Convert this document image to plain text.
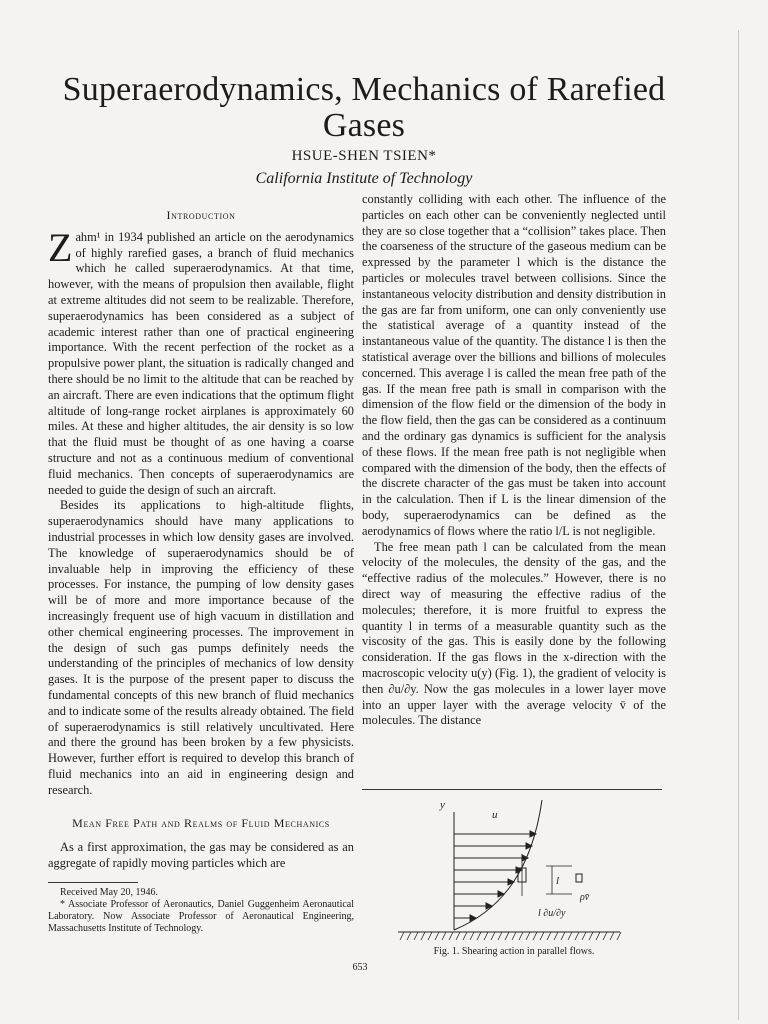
Superaerodynamics, Mechanics of Rarefied
Gases
HSUE-SHEN TSIEN*
California Institute of Technology
Introduction

Zahm¹ in 1934 published an article on the aerodynamics of highly rarefied gases, a branch of fluid mechanics which he called superaerodynamics. At that time, however, with the means of propulsion then available, flight at extreme altitudes did not seem to be realizable. Therefore, superaerodynamics has been considered as a subject of academic interest rather than one of practical engineering importance. With the recent perfection of the rocket as a propulsive power plant, the situation is radically changed and there should be no limit to the altitude that can be reached by an aircraft. There are even indications that the optimum flight altitude of long-range rocket airplanes is approximately 60 miles. At these and higher altitudes, the air density is so low that the fluid must be thought of as one having a coarse structure and not as a continuous medium of conventional fluid mechanics. Then concepts of superaerodynamics are needed to guide the design of such an aircraft.

Besides its applications to high-altitude flights, superaerodynamics should have many applications to industrial processes in which low density gases are involved. The knowledge of superaerodynamics should be of invaluable help in improving the efficiency of these processes. For instance, the pumping of low density gases will be of more and more importance because of the increasingly frequent use of high vacuum in distillation and other chemical engineering processes. The improvement in the design of such gas pumps definitely needs the understanding of the principles of mechanics of low density gases. It is the purpose of the present paper to discuss the fundamental concepts of this new branch of fluid mechanics and to indicate some of the results already obtained. The field of superaerodynamics is still relatively uncultivated. Here and there the ground has been broken by a few physicists. However, further effort is required to develop this branch of fluid mechanics into an aid in engineering design and research.

Mean Free Path and Realms of Fluid Mechanics

As a first approximation, the gas may be considered as an aggregate of rapidly moving particles which are

Received May 20, 1946.

* Associate Professor of Aeronautics, Daniel Guggenheim Aeronautical Laboratory. Now Associate Professor of Aeronautical Engineering, Massachusetts Institute of Technology.

constantly colliding with each other. The influence of the particles on each other can be conveniently neglected until they are so close together that a “collision” takes place. Then the coarseness of the structure of the gaseous medium can be expressed by the parameter l which is the distance the particles or molecules travel between collisions. Since the instantaneous velocity distribution and density distribution in the gas are far from uniform, one can only conveniently use the statistical average of a quantity instead of the instantaneous value of the quantity. The distance l is then the statistical average over the billions and billions of molecules concerned. This average l is called the mean free path of the gas. If the mean free path is small in comparison with the dimension of the flow field or the dimension of the body in the flow field, then the gas can be considered as a continuum and the ordinary gas dynamics is sufficient for the analysis of these flows. If the mean free path is not negligible when compared with the dimension of the body, then the effects of the discrete character of the gas must be taken into account in the calculation. Then if L is the linear dimension of the body, superaerodynamics can be defined as the aerodynamics of flows where the ratio l/L is not negligible.

The free mean path l can be calculated from the mean velocity of the molecules, the density of the gas, and the “effective radius of the molecules.” However, there is no direct way of measuring the effective radius of the molecules; therefore, it is more fruitful to express the quantity l in terms of a measurable quantity such as the viscosity of the gas. This is easily done by the following consideration. If the gas flows in the x-direction with the macroscopic velocity u(y) (Fig. 1), the gradient of velocity is then ∂u/∂y. Now the gas molecules in a lower layer move into an upper layer with the average velocity v̄ of the molecules. The distance

y
u
l
ρv̄
l ∂u/∂y
Fig. 1. Shearing action in parallel flows.
653
